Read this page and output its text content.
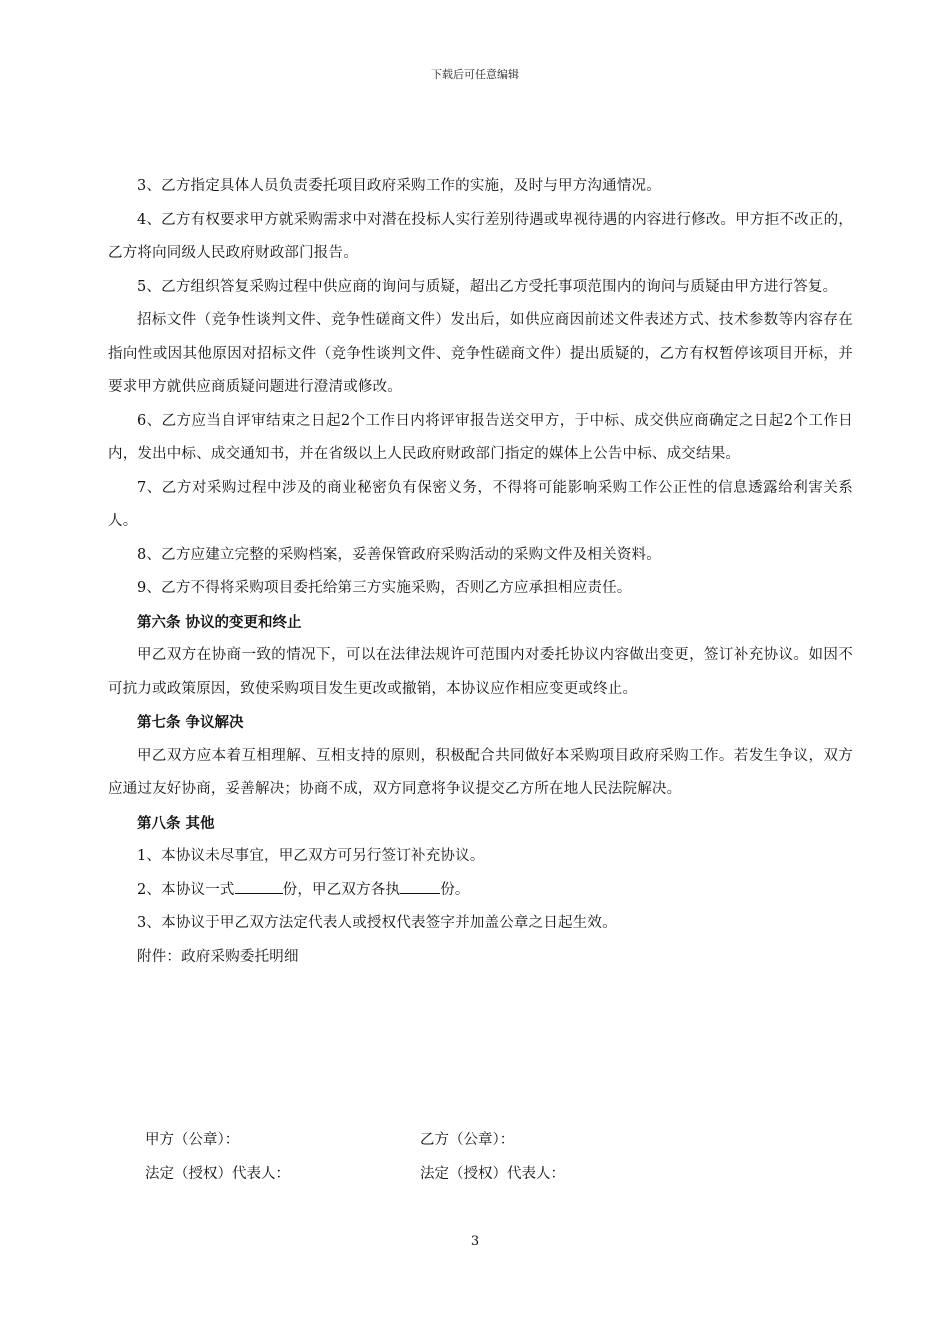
下载后可任意编辑

3、乙方指定具体人员负责委托项目政府采购工作的实施，及时与甲方沟通情况。

4、乙方有权要求甲方就采购需求中对潜在投标人实行差别待遇或卑视待遇的内容进行修改。甲方拒不改正的，乙方将向同级人民政府财政部门报告。

5、乙方组织答复采购过程中供应商的询问与质疑，超出乙方受托事项范围内的询问与质疑由甲方进行答复。

招标文件（竞争性谈判文件、竞争性磋商文件）发出后，如供应商因前述文件表述方式、技术参数等内容存在指向性或因其他原因对招标文件（竞争性谈判文件、竞争性磋商文件）提出质疑的，乙方有权暂停该项目开标，并要求甲方就供应商质疑问题进行澄清或修改。

6、乙方应当自评审结束之日起2个工作日内将评审报告送交甲方，于中标、成交供应商确定之日起2个工作日内，发出中标、成交通知书，并在省级以上人民政府财政部门指定的媒体上公告中标、成交结果。

7、乙方对采购过程中涉及的商业秘密负有保密义务，不得将可能影响采购工作公正性的信息透露给利害关系人。

8、乙方应建立完整的采购档案，妥善保管政府采购活动的采购文件及相关资料。

9、乙方不得将采购项目委托给第三方实施采购，否则乙方应承担相应责任。

第六条 协议的变更和终止

甲乙双方在协商一致的情况下，可以在法律法规许可范围内对委托协议内容做出变更，签订补充协议。如因不可抗力或政策原因，致使采购项目发生更改或撤销，本协议应作相应变更或终止。

第七条 争议解决

甲乙双方应本着互相理解、互相支持的原则，积极配合共同做好本采购项目政府采购工作。若发生争议，双方应通过友好协商，妥善解决；协商不成，双方同意将争议提交乙方所在地人民法院解决。

第八条 其他

1、本协议未尽事宜，甲乙双方可另行签订补充协议。

2、本协议一式	份，甲乙双方各执	份。

3、本协议于甲乙双方法定代表人或授权代表签字并加盖公章之日起生效。

附件：政府采购委托明细

甲方（公章）：	乙方（公章）：
法定（授权）代表人：	法定（授权）代表人：
3
